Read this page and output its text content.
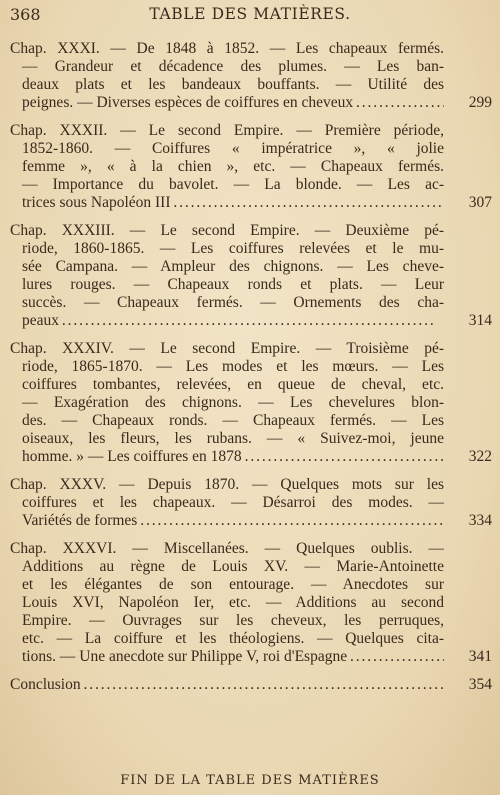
368	TABLE DES MATIÈRES.
Chap. XXXI. — De 1848 à 1852. — Les chapeaux fermés.
— Grandeur et décadence des plumes. — Les ban-
deaux plats et les bandeaux bouffants. — Utilité des
peignes. — Diverses espèces de coiffures en cheveux . . .	299
Chap. XXXII. — Le second Empire. — Première période,
1852-1860. — Coiffures « impératrice », « jolie
femme », « à la chien », etc. — Chapeaux fermés.
— Importance du bavolet. — La blonde. — Les ac-
trices sous Napoléon III . . .	307
Chap. XXXIII. — Le second Empire. — Deuxième pé-
riode, 1860-1865. — Les coiffures relevées et le mu-
sée Campana. — Ampleur des chignons. — Les cheve-
lures rouges. — Chapeaux ronds et plats. — Leur
succès. — Chapeaux fermés. — Ornements des cha-
peaux . . .	314
Chap. XXXIV. — Le second Empire. — Troisième pé-
riode, 1865-1870. — Les modes et les mœurs. — Les
coiffures tombantes, relevées, en queue de cheval, etc.
— Exagération des chignons. — Les chevelures blon-
des. — Chapeaux ronds. — Chapeaux fermés. — Les
oiseaux, les fleurs, les rubans. — « Suivez-moi, jeune
homme. » — Les coiffures en 1878 . . .	322
Chap. XXXV. — Depuis 1870. — Quelques mots sur les
coiffures et les chapeaux. — Désarroi des modes. —
Variétés de formes . . .	334
Chap. XXXVI. — Miscellanées. — Quelques oublis. —
Additions au règne de Louis XV. — Marie-Antoinette
et les élégantes de son entourage. — Anecdotes sur
Louis XVI, Napoléon Ier, etc. — Additions au second
Empire. — Ouvrages sur les cheveux, les perruques,
etc. — La coiffure et les théologiens. — Quelques cita-
tions. — Une anecdote sur Philippe V, roi d'Espagne . . .	341
Conclusion . . .	354
FIN DE LA TABLE DES MATIÈRES
